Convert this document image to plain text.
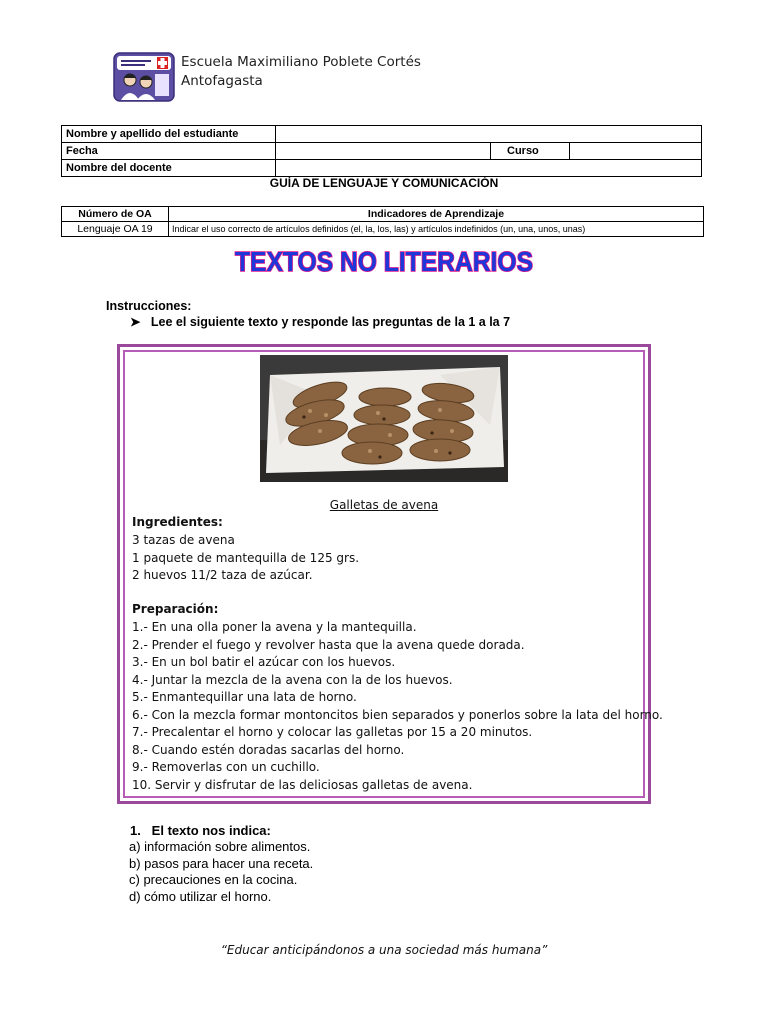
Escuela Maximiliano Poblete Cortés
Antofagasta
Nombre y apellido del estudiante			
Fecha		Curso	
Nombre del docente			
GUÍA DE LENGUAJE Y COMUNICACIÓN
Número de OA	Indicadores de Aprendizaje
Lenguaje OA 19	Indicar el uso correcto de artículos definidos (el, la, los, las) y artículos indefinidos (un, una, unos, unas)
TEXTOS NO LITERARIOS
Instrucciones:
➤ Lee el siguiente texto y responde las preguntas de la 1 a la 7
Galletas de avena
Ingredientes:
3 tazas de avena
1 paquete de mantequilla de 125 grs.
2 huevos 11/2 taza de azúcar.
Preparación:
1.- En una olla poner la avena y la mantequilla.
2.- Prender el fuego y revolver hasta que la avena quede dorada.
3.- En un bol batir el azúcar con los huevos.
4.- Juntar la mezcla de la avena con la de los huevos.
5.- Enmantequillar una lata de horno.
6.- Con la mezcla formar montoncitos bien separados y ponerlos sobre la lata del horno.
7.- Precalentar el horno y colocar las galletas por 15 a 20 minutos.
8.- Cuando estén doradas sacarlas del horno.
9.- Removerlas con un cuchillo.
10. Servir y disfrutar de las deliciosas galletas de avena.
1.   El texto nos indica:
a) información sobre alimentos.
b) pasos para hacer una receta.
c) precauciones en la cocina.
d) cómo utilizar el horno.
“Educar anticipándonos a una sociedad más humana”
